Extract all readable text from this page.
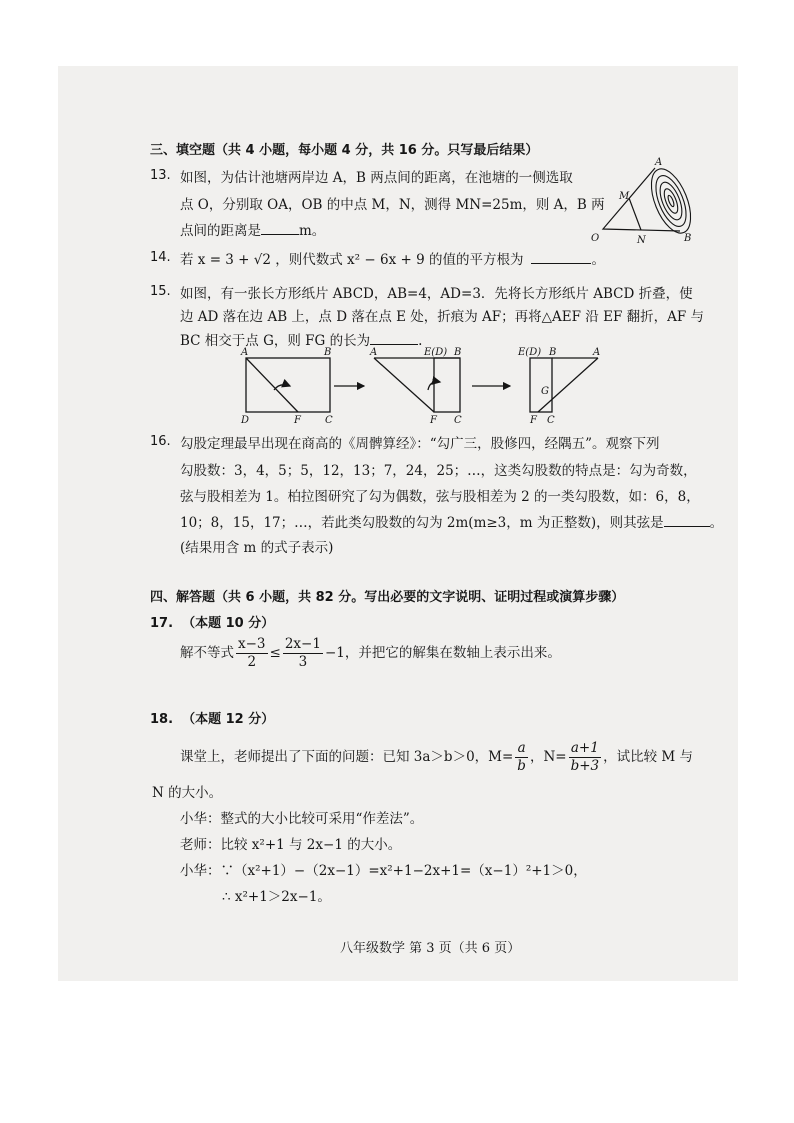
三、填空题（共 4 小题，每小题 4 分，共 16 分。只写最后结果）
13. 如图，为估计池塘两岸边 A，B 两点间的距离，在池塘的一侧选取
点 O，分别取 OA，OB 的中点 M，N，测得 MN=25m，则 A，B 两
点间的距离是	m。
A
M
O	N	B
14. 若 x = 3 + √2 ，则代数式 x² − 6x + 9 的值的平方根为	。
15. 如图，有一张长方形纸片 ABCD，AB=4，AD=3．先将长方形纸片 ABCD 折叠，使
边 AD 落在边 AB 上，点 D 落在点 E 处，折痕为 AF；再将△AEF 沿 EF 翻折，AF 与
BC 相交于点 G，则 FG 的长为	.
A	B
D	F C
A	E(D) B
F C
E(D) B	A
G
F C
16. 勾股定理最早出现在商高的《周髀算经》：“勾广三，股修四，经隅五”。观察下列
勾股数：3，4，5；5，12，13；7，24，25；…，这类勾股数的特点是：勾为奇数，
弦与股相差为 1。柏拉图研究了勾为偶数，弦与股相差为 2 的一类勾股数，如：6，8，
10；8，15，17；…，若此类勾股数的勾为 2m(m≥3，m 为正整数)，则其弦是	。
(结果用含 m 的式子表示)
四、解答题（共 6 小题，共 82 分。写出必要的文字说明、证明过程或演算步骤）
17. （本题 10 分）
解不等式 $\frac{x-3}{2} \le \frac{2x-1}{3} -1$，并把它的解集在数轴上表示出来。
18. （本题 12 分）
课堂上，老师提出了下面的问题：已知 3a＞b＞0，$M= \frac{a}{b}$ ，$N= \frac{a+1}{b+3}$ ，试比较 M 与
N 的大小。
小华：整式的大小比较可采用“作差法”。
老师：比较 x²+1 与 2x−1 的大小。
小华：∵（x²+1）−（2x−1）=x²+1−2x+1=（x−1）²+1＞0，
∴ x²+1＞2x−1。
八年级数学 第 3 页（共 6 页）
